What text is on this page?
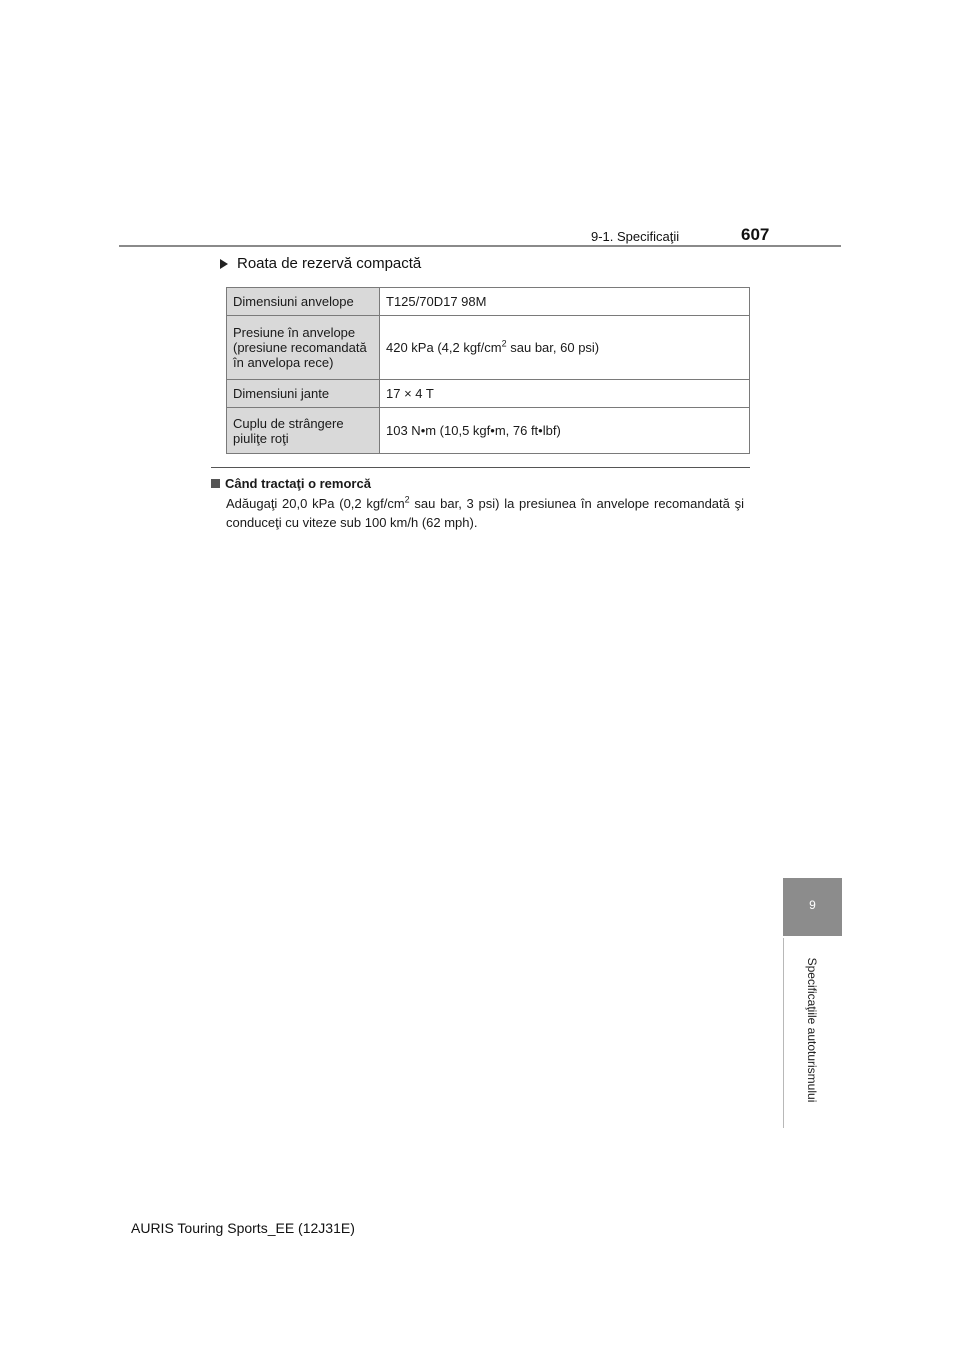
9-1. Specificaţii	607
9
Specificaţiile autoturismului
Roata de rezervă compactă
Dimensiuni anvelope	T125/70D17 98M
Presiune în anvelope (presiune recomandată în anvelopa rece)	420 kPa (4,2 kgf/$cm^2$ sau bar, 60 psi)
Dimensiuni jante	17 × 4 T
Cuplu de strângere piuliţe roţi	103 N•m (10,5 kgf•m, 76 ft•lbf)
Când tractaţi o remorcă
Adăugaţi 20,0 kPa (0,2 kgf/$cm^2$ sau bar, 3 psi) la presiunea în anvelope recomandată şi conduceţi cu viteze sub 100 km/h (62 mph).
AURIS Touring Sports_EE (12J31E)
